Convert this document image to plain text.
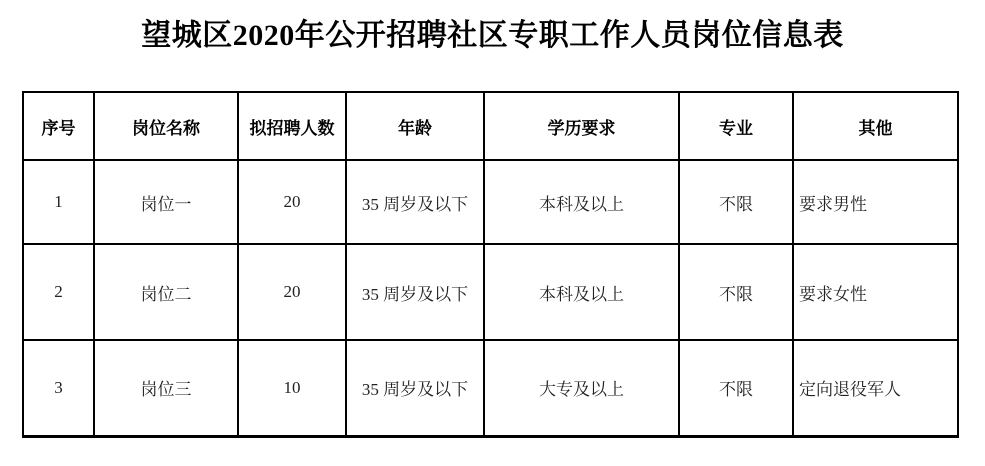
望城区2020年公开招聘社区专职工作人员岗位信息表
序号	岗位名称	拟招聘人数	年龄	学历要求	专业	其他
1	岗位一	20	35 周岁及以下	本科及以上	不限	要求男性
2	岗位二	20	35 周岁及以下	本科及以上	不限	要求女性
3	岗位三	10	35 周岁及以下	大专及以上	不限	定向退役军人
